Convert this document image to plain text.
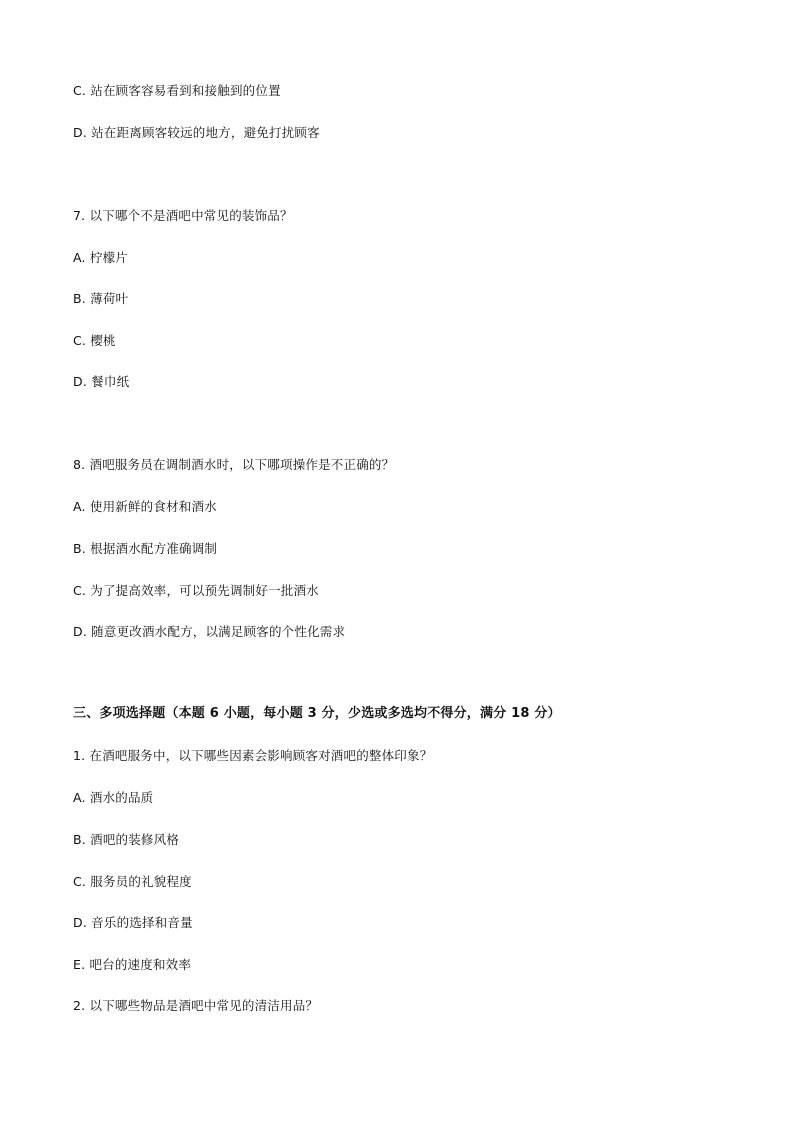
C. 站在顾客容易看到和接触到的位置
D. 站在距离顾客较远的地方，避免打扰顾客
7. 以下哪个不是酒吧中常见的装饰品？
A. 柠檬片
B. 薄荷叶
C. 樱桃
D. 餐巾纸
8. 酒吧服务员在调制酒水时，以下哪项操作是不正确的？
A. 使用新鲜的食材和酒水
B. 根据酒水配方准确调制
C. 为了提高效率，可以预先调制好一批酒水
D. 随意更改酒水配方，以满足顾客的个性化需求
三、多项选择题（本题 6 小题，每小题 3 分，少选或多选均不得分，满分 18 分）
1. 在酒吧服务中，以下哪些因素会影响顾客对酒吧的整体印象？
A. 酒水的品质
B. 酒吧的装修风格
C. 服务员的礼貌程度
D. 音乐的选择和音量
E. 吧台的速度和效率
2. 以下哪些物品是酒吧中常见的清洁用品？
